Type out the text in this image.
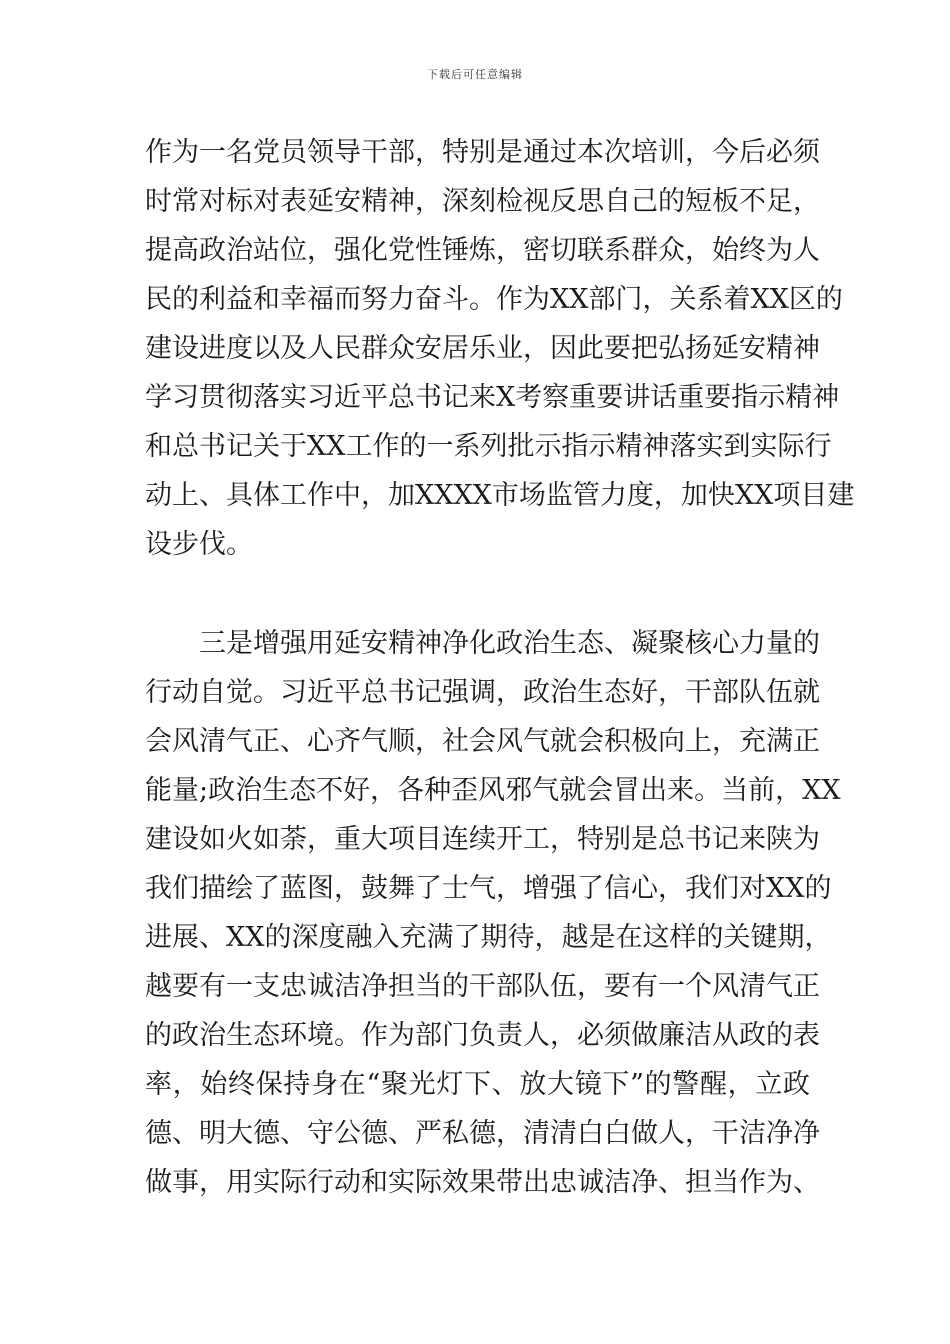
下载后可任意编辑
作为一名党员领导干部，特别是通过本次培训，今后必须
时常对标对表延安精神，深刻检视反思自己的短板不足，
提高政治站位，强化党性锤炼，密切联系群众，始终为人
民的利益和幸福而努力奋斗。作为XX部门，关系着XX区的
建设进度以及人民群众安居乐业，因此要把弘扬延安精神
学习贯彻落实习近平总书记来X考察重要讲话重要指示精神
和总书记关于XX工作的一系列批示指示精神落实到实际行
动上、具体工作中，加XXXX市场监管力度，加快XX项目建
设步伐。
　　三是增强用延安精神净化政治生态、凝聚核心力量的
行动自觉。习近平总书记强调，政治生态好，干部队伍就
会风清气正、心齐气顺，社会风气就会积极向上，充满正
能量;政治生态不好，各种歪风邪气就会冒出来。当前，XX
建设如火如荼，重大项目连续开工，特别是总书记来陕为
我们描绘了蓝图，鼓舞了士气，增强了信心，我们对XX的
进展、XX的深度融入充满了期待，越是在这样的关键期，
越要有一支忠诚洁净担当的干部队伍，要有一个风清气正
的政治生态环境。作为部门负责人，必须做廉洁从政的表
率，始终保持身在“聚光灯下、放大镜下”的警醒，立政
德、明大德、守公德、严私德，清清白白做人，干洁净净
做事，用实际行动和实际效果带出忠诚洁净、担当作为、
